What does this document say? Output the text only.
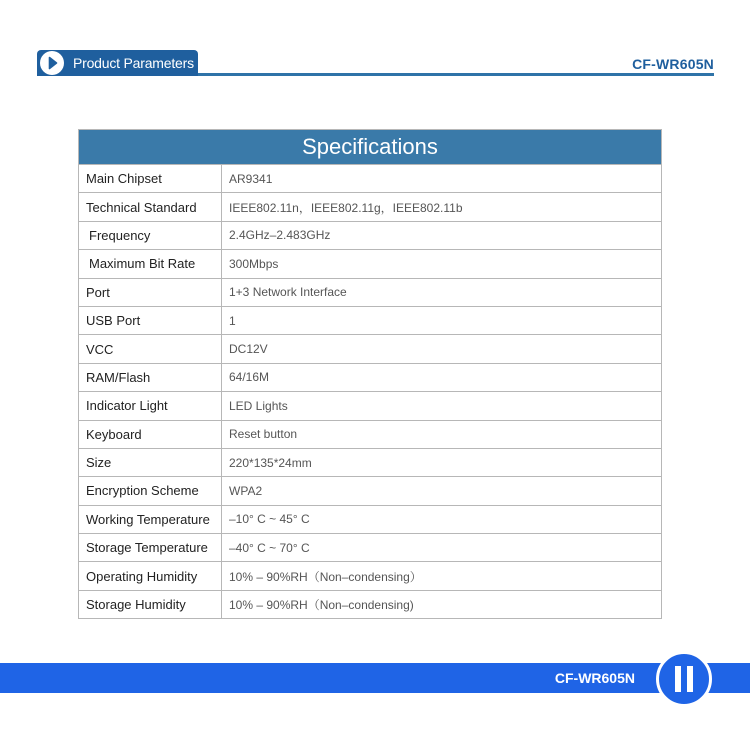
Product Parameters	CF-WR605N
Specifications
Main Chipset	AR9341
Technical Standard	IEEE802.11n，IEEE802.11g，IEEE802.11b
Frequency	2.4GHz–2.483GHz
Maximum Bit Rate	300Mbps
Port	1+3 Network Interface
USB Port	1
VCC	DC12V
RAM/Flash	64/16M
Indicator Light	LED Lights
Keyboard	Reset button
Size	220*135*24mm
Encryption Scheme	WPA2
Working Temperature	–10° C ~ 45° C
Storage Temperature	–40° C ~ 70° C
Operating Humidity	10% – 90%RH（Non–condensing）
Storage Humidity	10% – 90%RH（Non–condensing)
CF-WR605N
